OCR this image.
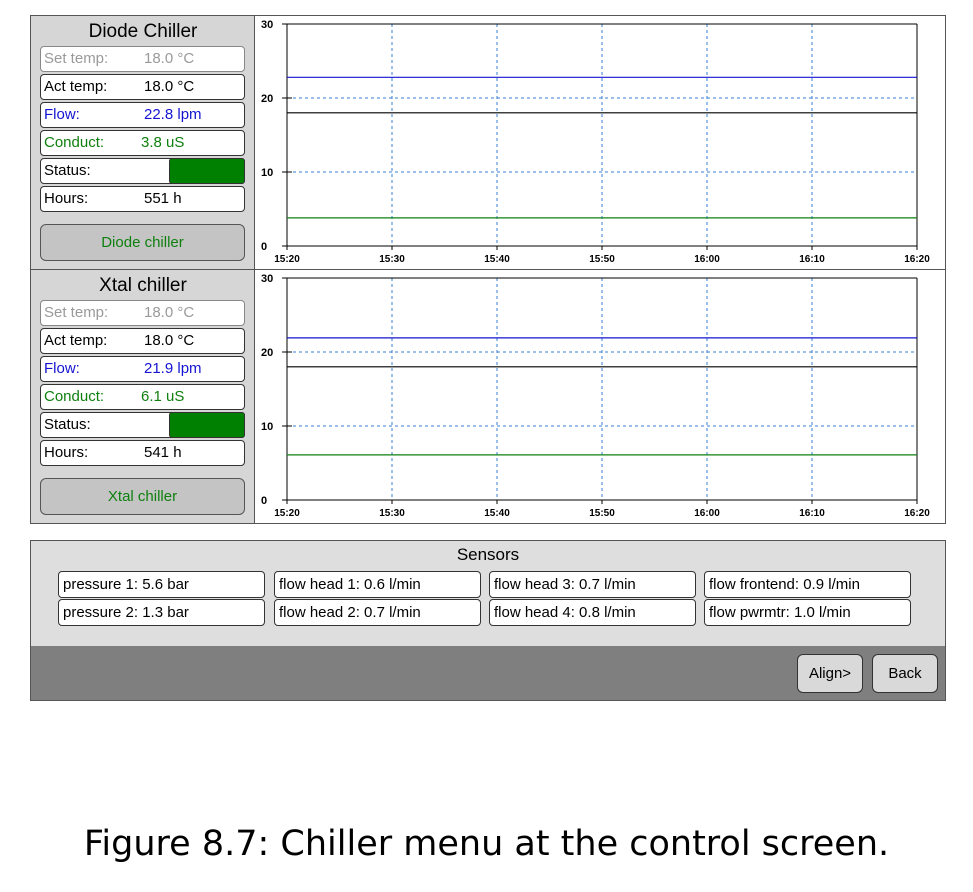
Diode Chiller
Set temp: 18.0 °C
Act temp: 18.0 °C
Flow:	22.8 lpm
Conduct: 3.8 uS
Status:
Hours:	551 h
Diode chiller	0
10
20
30
15:20	15:30	15:40	15:50	16:00	16:10	16:20
Xtal chiller
Set temp: 18.0 °C
Act temp: 18.0 °C
Flow:	21.9 lpm
Conduct: 6.1 uS
Status:
Hours:	541 h
Xtal chiller	0
10
20
30
15:20	15:30	15:40	15:50	16:00	16:10	16:20
Sensors
pressure 1: 5.6 bar
pressure 2: 1.3 bar
flow head 1: 0.6 l/min
flow head 2: 0.7 l/min
flow head 3: 0.7 l/min
flow head 4: 0.8 l/min
flow frontend: 0.9 l/min
flow pwrmtr: 1.0 l/min
Align>	Back
Figure 8.7: Chiller menu at the control screen.
